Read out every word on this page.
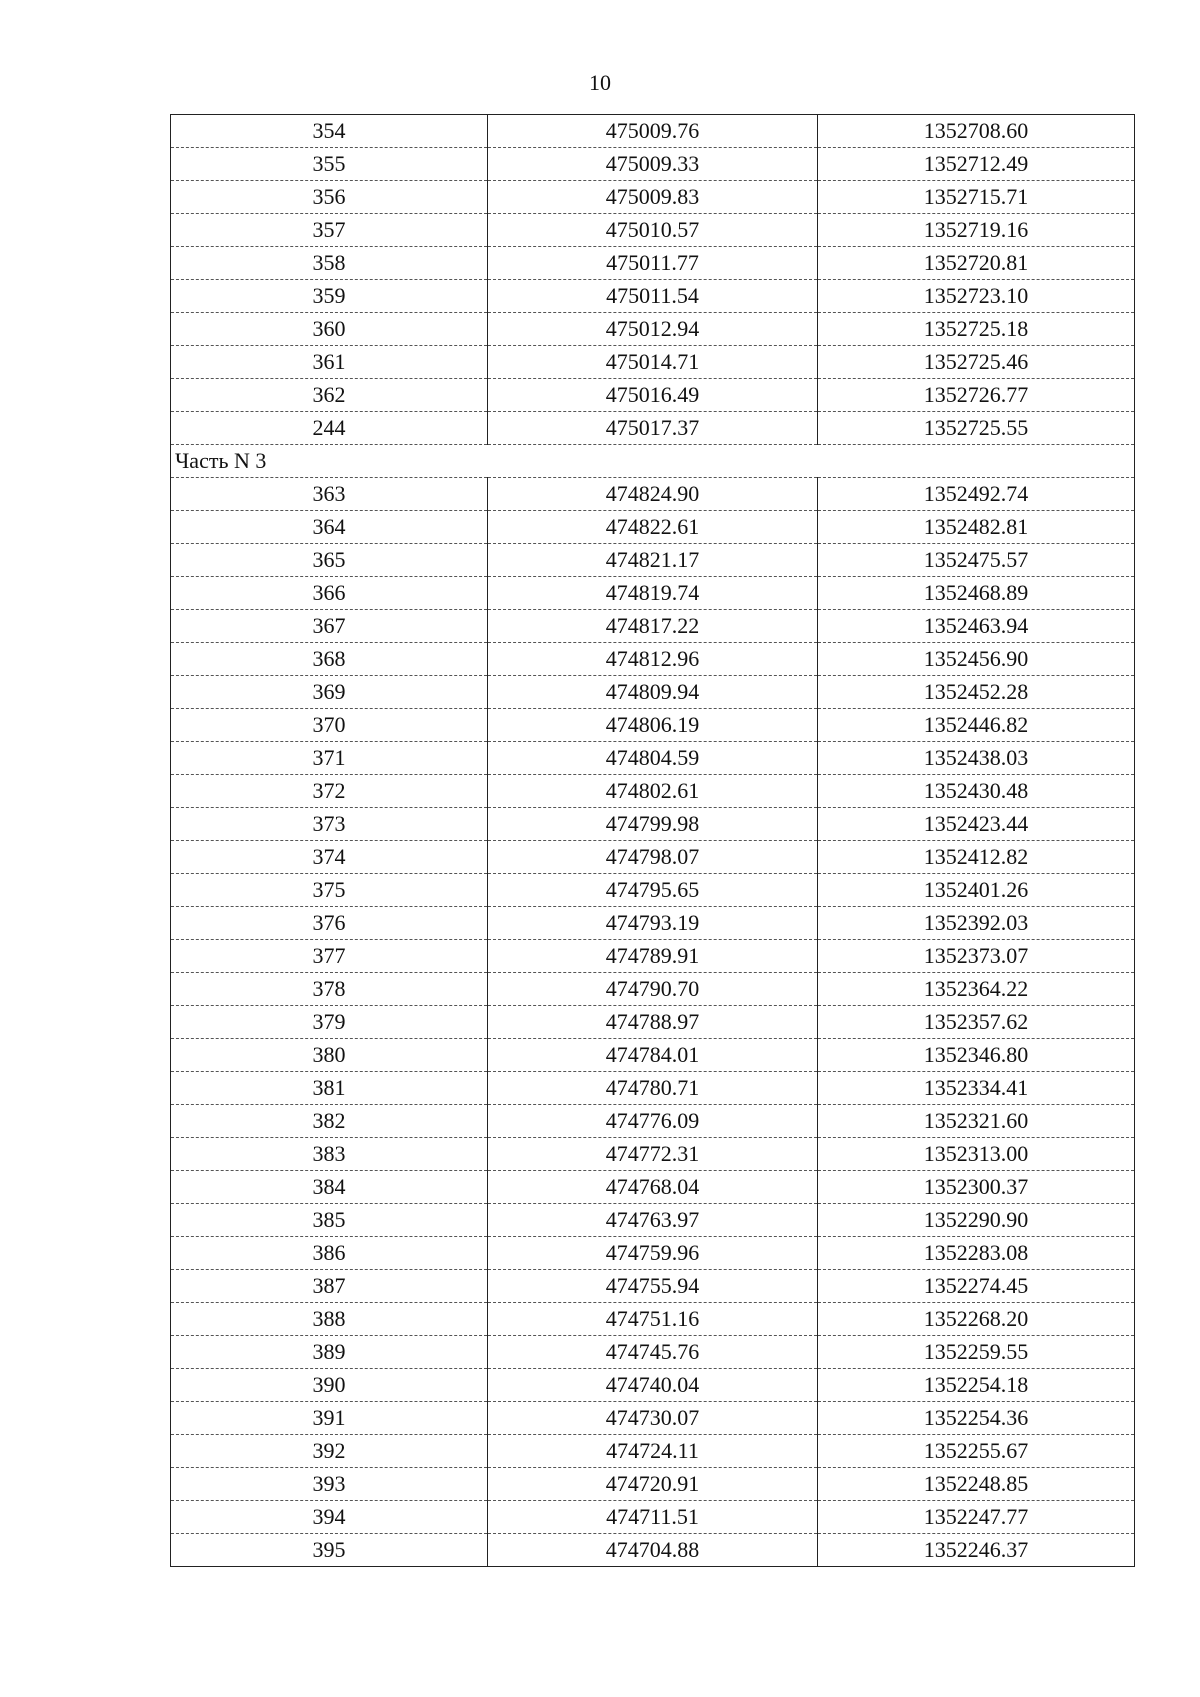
10
354	475009.76	1352708.60
355	475009.33	1352712.49
356	475009.83	1352715.71
357	475010.57	1352719.16
358	475011.77	1352720.81
359	475011.54	1352723.10
360	475012.94	1352725.18
361	475014.71	1352725.46
362	475016.49	1352726.77
244	475017.37	1352725.55
Часть N 3		
363	474824.90	1352492.74
364	474822.61	1352482.81
365	474821.17	1352475.57
366	474819.74	1352468.89
367	474817.22	1352463.94
368	474812.96	1352456.90
369	474809.94	1352452.28
370	474806.19	1352446.82
371	474804.59	1352438.03
372	474802.61	1352430.48
373	474799.98	1352423.44
374	474798.07	1352412.82
375	474795.65	1352401.26
376	474793.19	1352392.03
377	474789.91	1352373.07
378	474790.70	1352364.22
379	474788.97	1352357.62
380	474784.01	1352346.80
381	474780.71	1352334.41
382	474776.09	1352321.60
383	474772.31	1352313.00
384	474768.04	1352300.37
385	474763.97	1352290.90
386	474759.96	1352283.08
387	474755.94	1352274.45
388	474751.16	1352268.20
389	474745.76	1352259.55
390	474740.04	1352254.18
391	474730.07	1352254.36
392	474724.11	1352255.67
393	474720.91	1352248.85
394	474711.51	1352247.77
395	474704.88	1352246.37
